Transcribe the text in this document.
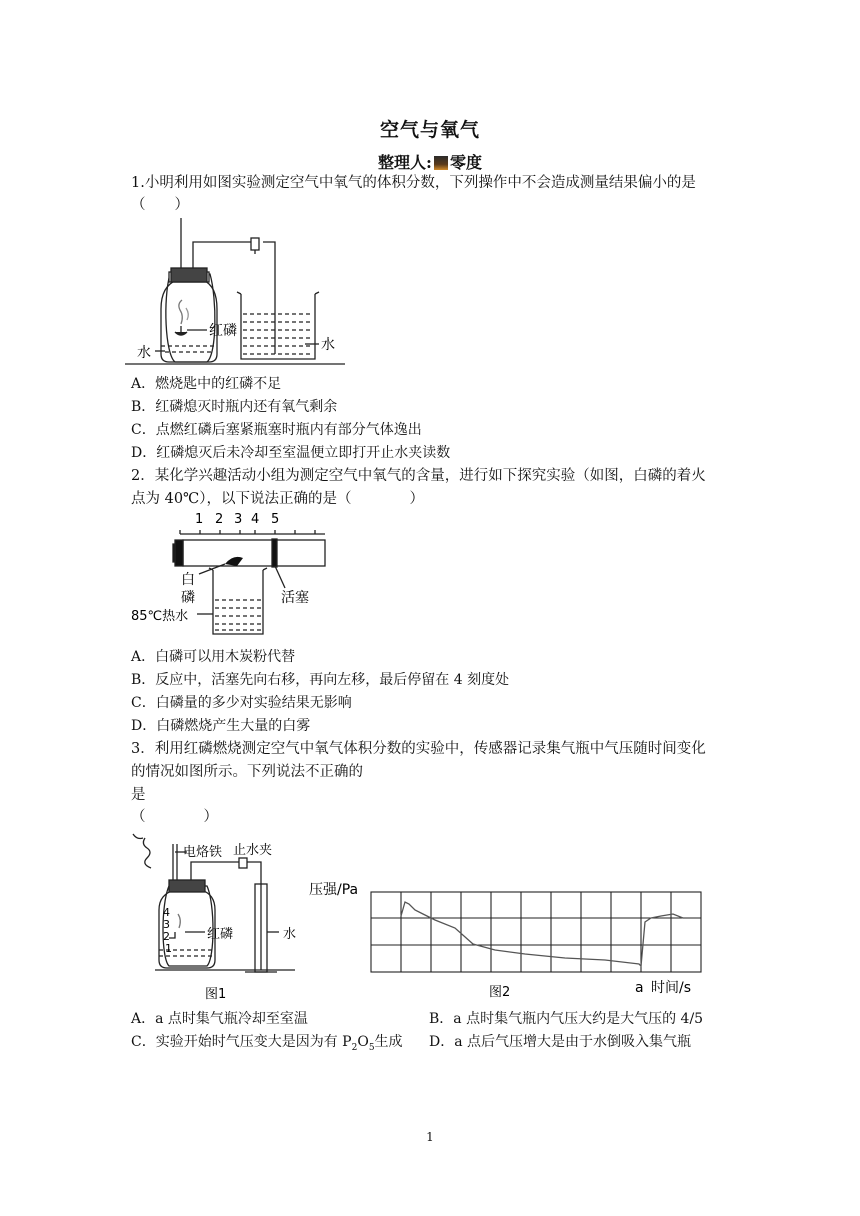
空气与氧气
整理人: 零度
1.小明利用如图实验测定空气中氧气的体积分数，下列操作中不会造成测量结果偏小的是
（　　）
红磷
水	水
A．燃烧匙中的红磷不足
B．红磷熄灭时瓶内还有氧气剩余
C．点燃红磷后塞紧瓶塞时瓶内有部分气体逸出
D．红磷熄灭后未冷却至室温便立即打开止水夹读数
2．某化学兴趣活动小组为测定空气中氧气的含量，进行如下探究实验（如图，白磷的着火
点为 40℃），以下说法正确的是（　　　　）
1 2 3 4 5
白
磷	活塞
85℃热水
A．白磷可以用木炭粉代替
B．反应中，活塞先向右移，再向左移，最后停留在 4 刻度处
C．白磷量的多少对实验结果无影响
D．白磷燃烧产生大量的白雾
3．利用红磷燃烧测定空气中氧气体积分数的实验中，传感器记录集气瓶中气压随时间变化
的情况如图所示。下列说法不正确的
是
（　　　　）
电烙铁 止水夹
4
3
2
1
红磷	水
图1
压强/Pa
a 时间/s
图2
A．a 点时集气瓶冷却至室温	B．a 点时集气瓶内气压大约是大气压的 4/5
C．实验开始时气压变大是因为有 $P_2O_5$生成 D．a 点后气压增大是由于水倒吸入集气瓶
1
